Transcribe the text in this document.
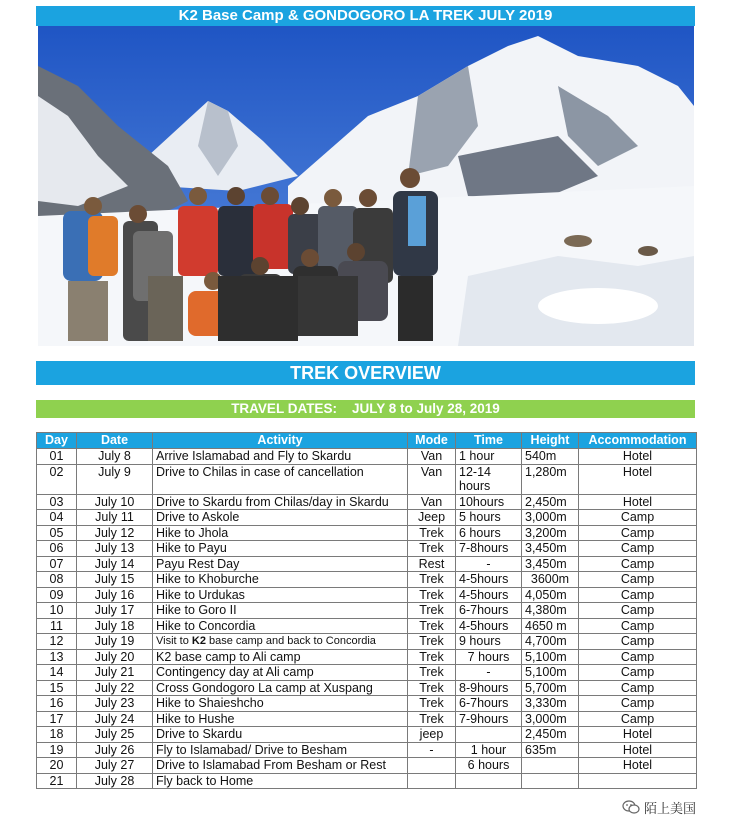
K2 Base Camp & GONDOGORO LA TREK JULY 2019
TREK OVERVIEW
TRAVEL DATES: JULY 8 to July 28, 2019
Day	Date	Activity	Mode	Time	Height	Accommodation
01	July 8	Arrive Islamabad and Fly to Skardu	Van	1 hour	540m	Hotel
02	July 9	Drive to Chilas in case of cancellation	Van	12-14 hours	1,280m	Hotel
03	July 10	Drive to Skardu from Chilas/day in Skardu	Van	10hours	2,450m	Hotel
04	July 11	Drive to Askole	Jeep	5 hours	3,000m	Camp
05	July 12	Hike to Jhola	Trek	6 hours	3,200m	Camp
06	July 13	Hike to Payu	Trek	7-8hours	3,450m	Camp
07	July 14	Payu Rest Day	Rest	-	3,450m	Camp
08	July 15	Hike to Khoburche	Trek	4-5hours	3600m	Camp
09	July 16	Hike to Urdukas	Trek	4-5hours	4,050m	Camp
10	July 17	Hike to Goro II	Trek	6-7hours	4,380m	Camp
11	July 18	Hike to Concordia	Trek	4-5hours	4650 m	Camp
12	July 19	Visit to K2 base camp and back to Concordia	Trek	9 hours	4,700m	Camp
13	July 20	K2 base camp to Ali camp	Trek	7 hours	5,100m	Camp
14	July 21	Contingency day at Ali camp	Trek	-	5,100m	Camp
15	July 22	Cross Gondogoro La camp at Xuspang	Trek	8-9hours	5,700m	Camp
16	July 23	Hike to Shaieshcho	Trek	6-7hours	3,330m	Camp
17	July 24	Hike to Hushe	Trek	7-9hours	3,000m	Camp
18	July 25	Drive to Skardu	jeep		2,450m	Hotel
19	July 26	Fly to Islamabad/ Drive to Besham	-	1 hour	635m	Hotel
20	July 27	Drive to Islamabad From Besham or Rest		6 hours		Hotel
21	July 28	Fly back to Home				
陌上美国
